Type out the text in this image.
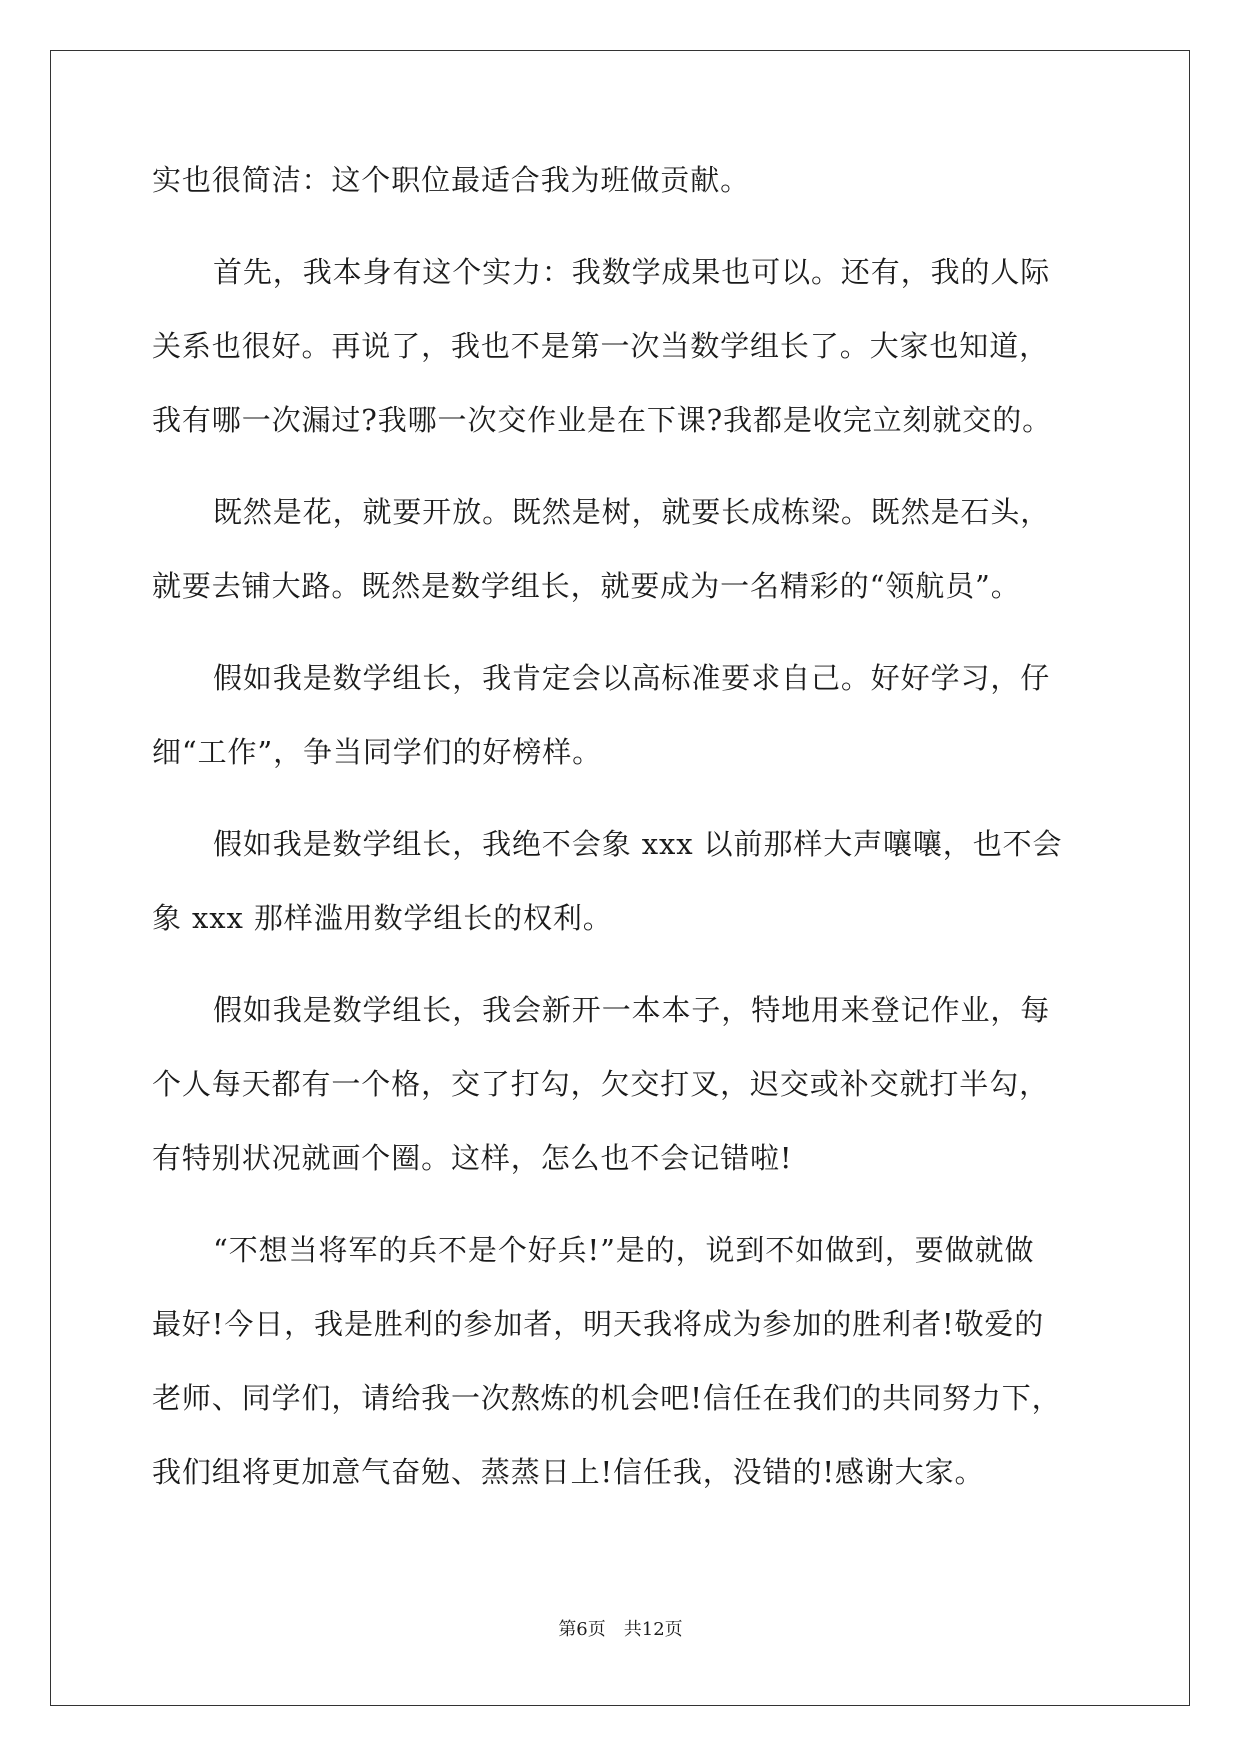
实也很简洁：这个职位最适合我为班做贡献。
首先，我本身有这个实力：我数学成果也可以。还有，我的人际
关系也很好。再说了，我也不是第一次当数学组长了。大家也知道，
我有哪一次漏过?我哪一次交作业是在下课?我都是收完立刻就交的。
既然是花，就要开放。既然是树，就要长成栋梁。既然是石头，
就要去铺大路。既然是数学组长，就要成为一名精彩的“领航员”。
假如我是数学组长，我肯定会以高标准要求自己。好好学习，仔
细“工作”，争当同学们的好榜样。
假如我是数学组长，我绝不会象 xxx 以前那样大声嚷嚷，也不会
象 xxx 那样滥用数学组长的权利。
假如我是数学组长，我会新开一本本子，特地用来登记作业，每
个人每天都有一个格，交了打勾，欠交打叉，迟交或补交就打半勾，
有特别状况就画个圈。这样，怎么也不会记错啦!
“不想当将军的兵不是个好兵!”是的，说到不如做到，要做就做
最好!今日，我是胜利的参加者，明天我将成为参加的胜利者!敬爱的
老师、同学们，请给我一次熬炼的机会吧!信任在我们的共同努力下，
我们组将更加意气奋勉、蒸蒸日上!信任我，没错的!感谢大家。
第6页 共12页
